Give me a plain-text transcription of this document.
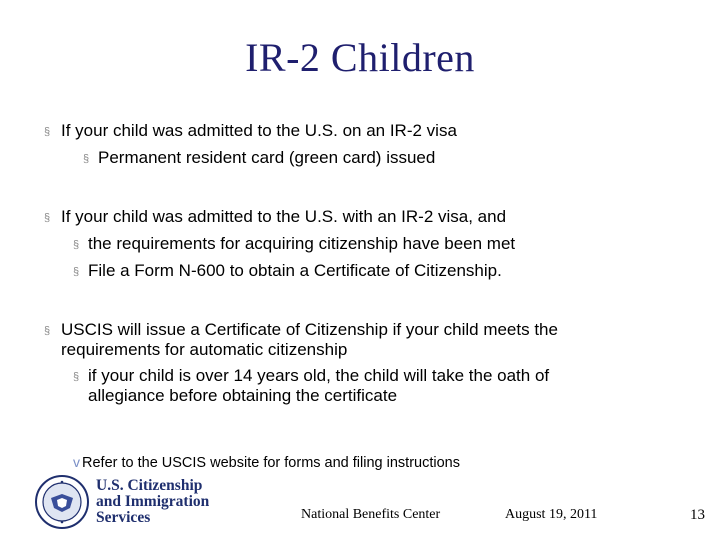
IR-2 Children
§ If your child was admitted to the U.S. on an IR-2 visa
§ Permanent resident card (green card) issued
§ If your child was admitted to the U.S. with an IR-2 visa, and
§ the requirements for acquiring citizenship have been met
§ File a Form N-600 to obtain a Certificate of Citizenship.
§ USCIS will issue a Certificate of Citizenship if your child meets the
requirements for automatic citizenship
§ if your child is over 14 years old, the child will take the oath of
allegiance before obtaining the certificate
v Refer to the USCIS website for forms and filing instructions
U.S. Citizenship
and Immigration
Services	National Benefits Center	August 19, 2011	13
